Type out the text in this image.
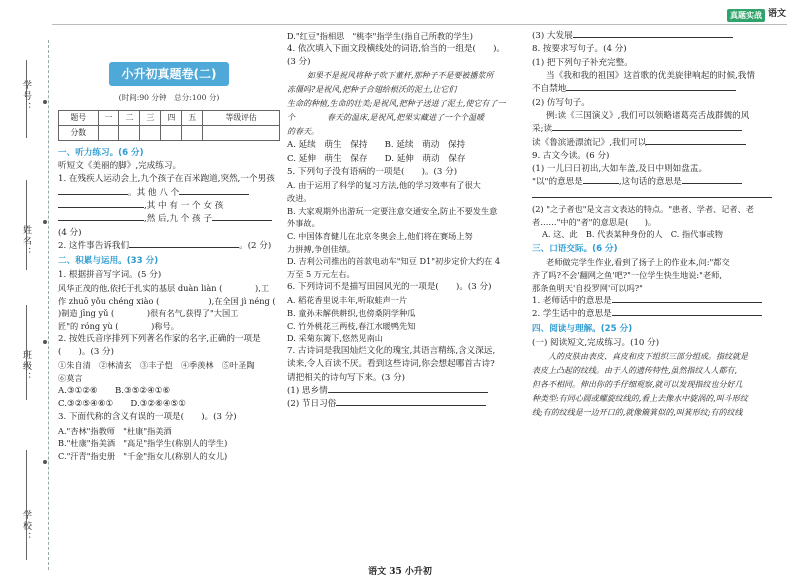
真题实战 语文
学号：
姓名：
班级：
学校：
小升初真题卷(二)
(时间:90 分钟　总分:100 分)
题号	一	二	三	四	五	等级评估
分数						
一、听力练习。(6 分)
听短文《美丽的脚》,完成练习。
1. 在残疾人运动会上,九个孩子在百米跑道,突然,一个男孩
。其 他 八 个
,其 中 有 一 个 女 孩
,然 后,九 个 孩 子
(4 分)
2. 这件事告诉我们	。(2 分)
二、积累与运用。(33 分)
1. 根据拼音写字词。(5 分)
风华正茂的他,依托于扎实的基层 duàn liàn (　　　　),工
作 zhuō yǒu chéng xiào (　　　　　　),在全国 jì néng (
)制造 jīng yǔ (　　　　)很有名气,获得了"大国工
匠"的 róng yù (　　　　)称号。
2. 按姓氏音序排列下列著名作家的名字,正确的一项是
(　　)。(3 分)
①朱自清　②林清玄　③丰子恺　④季羡林　⑤叶圣陶
⑥莫言
A.③①②⑥　　B.③⑤②④①⑥
C.③②⑤④⑥①　　D.③②⑥④⑤①
3. 下面代称的含义有误的一项是(　　)。(3 分)
A."杏林"指教师　"杜康"指美酒
B."杜康"指美酒　"高足"指学生(称别人的学生)
C."汗青"指史册　"千金"指女儿(称别人的女儿)
D."红豆"指相思　"桃李"指学生(指自己所教的学生)
4. 依次填入下面文段横线处的词语,恰当的一组是(　　)。
(3 分)
如果不是祝风将种子吹下董杆,那种子不是要被播浆所
冻僵吗?是祝风,把种子合翅给根沃的泥土,让它们
生命的种植,生命的壮美;是祝风,把种子送进了泥土,使它有了一
个　　　　春天的温床,是祝风,把果实藏进了一个个温暖
的春天。
A. 延续　萌生　保持　　B. 延续　萌动　保持
C. 延伸　萌生　保存　　D. 延伸　萌动　保存
5. 下列句子没有语病的一项是(　　)。(3 分)
A. 由于运用了科学的复习方法,他的学习效率有了很大
改进。
B. 大家观期外出游玩一定要注意交通安全,防止不要发生意
外事故。
C. 中国体育健儿在北京冬奥会上,他们将在赛场上努
力拼搏,争创佳绩。
D. 吉利公司推出的首款电动车"知豆 D1"初步定价大约在 4
万至 5 万元左右。
6. 下列诗词不是描写田园风光的一项是(　　)。(3 分)
A. 稻花香里说丰年,听取蛙声一片
B. 童孙未解供耕织,也傍桑阴学种瓜
C. 竹外桃花三两枝,春江水暖鸭先知
D. 采菊东篱下,悠然见南山
7. 古诗词是我国灿烂文化的瑰宝,其语言精练,含义深远,
读来,令人百读不厌。看到这些诗词,你会想起哪首古诗?
请把相关的诗句写下来。(3 分)
(1) 思乡情
(2) 节日习俗
(3) 大发展
8. 按要求写句子。(4 分)
(1) 把下列句子补充完整。
当《我和我的祖国》这首歌的优美旋律响起的时候,我情
不自禁地
(2) 仿写句子。
例:读《三国演义》,我们可以领略诸葛亮舌战群儒的风
采;读
读《鲁滨逊漂流记》,我们可以
9. 古文今读。(6 分)
(1) 一儿曰日初出,大如车盖,及日中则如盘盂。
"以"的意思是	,这句话的意思是
(2) "之子者也"是文言文表达的特点。"患者、学者、记者、老
者……"中的"者"的意思是(　　)。
A. 这、此　B. 代表某种身份的人　C. 指代事或物
三、口语交际。(6 分)
老师做完学生作业,看到了扬子上的作业本,问:"都交
齐了吗?不会'翻网之鱼'吧?"一位学生快生地说:"老师,
那条鱼明天'自投罗网'可以吗?"
1. 老师话中的意思是
2. 学生话中的意思是
四、阅读与理解。(25 分)
(一) 阅读短文,完成练习。(10 分)
人的皮肤由表皮、真皮和皮下组织三部分组成。指纹就是
表皮上凸起的纹线。由于人的遗传特性,虽然指纹人人都有,
但各不相同。伸出你的手仔细观察,就可以发现指纹也分好几
种类型:有同心圆或螺旋纹线的,看上去像水中旋涡的,叫斗形纹
线;有的纹线是一边开口的,就像簸箕似的,叫箕形纹;有的纹线
语文 35 小升初
